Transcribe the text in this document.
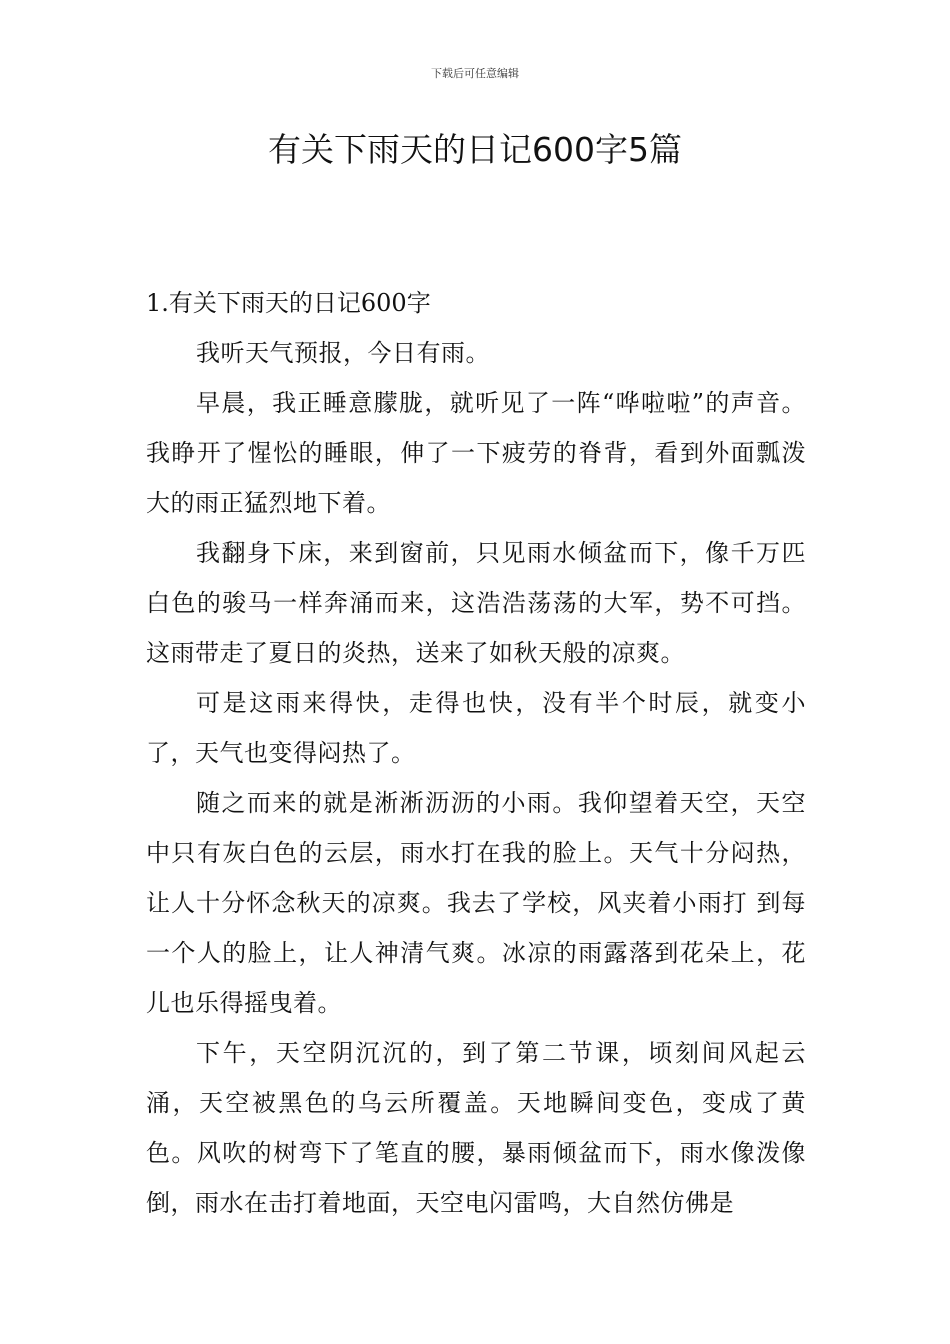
下载后可任意编辑
有关下雨天的日记600字5篇

1.有关下雨天的日记600字

我听天气预报，今日有雨。

早晨，我正睡意朦胧，就听见了一阵“哗啦啦”的声音。我睁开了惺忪的睡眼，伸了一下疲劳的脊背，看到外面瓢泼大的雨正猛烈地下着。

我翻身下床，来到窗前，只见雨水倾盆而下，像千万匹白色的骏马一样奔涌而来，这浩浩荡荡的大军，势不可挡。这雨带走了夏日的炎热，送来了如秋天般的凉爽。

可是这雨来得快，走得也快，没有半个时辰，就变小了，天气也变得闷热了。

随之而来的就是淅淅沥沥的小雨。我仰望着天空，天空中只有灰白色的云层，雨水打在我的脸上。天气十分闷热，让人十分怀念秋天的凉爽。我去了学校，风夹着小雨打 到每一个人的脸上，让人神清气爽。冰凉的雨露落到花朵上，花儿也乐得摇曳着。

下午，天空阴沉沉的，到了第二节课，顷刻间风起云涌，天空被黑色的乌云所覆盖。天地瞬间变色，变成了黄色。风吹的树弯下了笔直的腰，暴雨倾盆而下，雨水像泼像倒，雨水在击打着地面，天空电闪雷鸣，大自然仿佛是
